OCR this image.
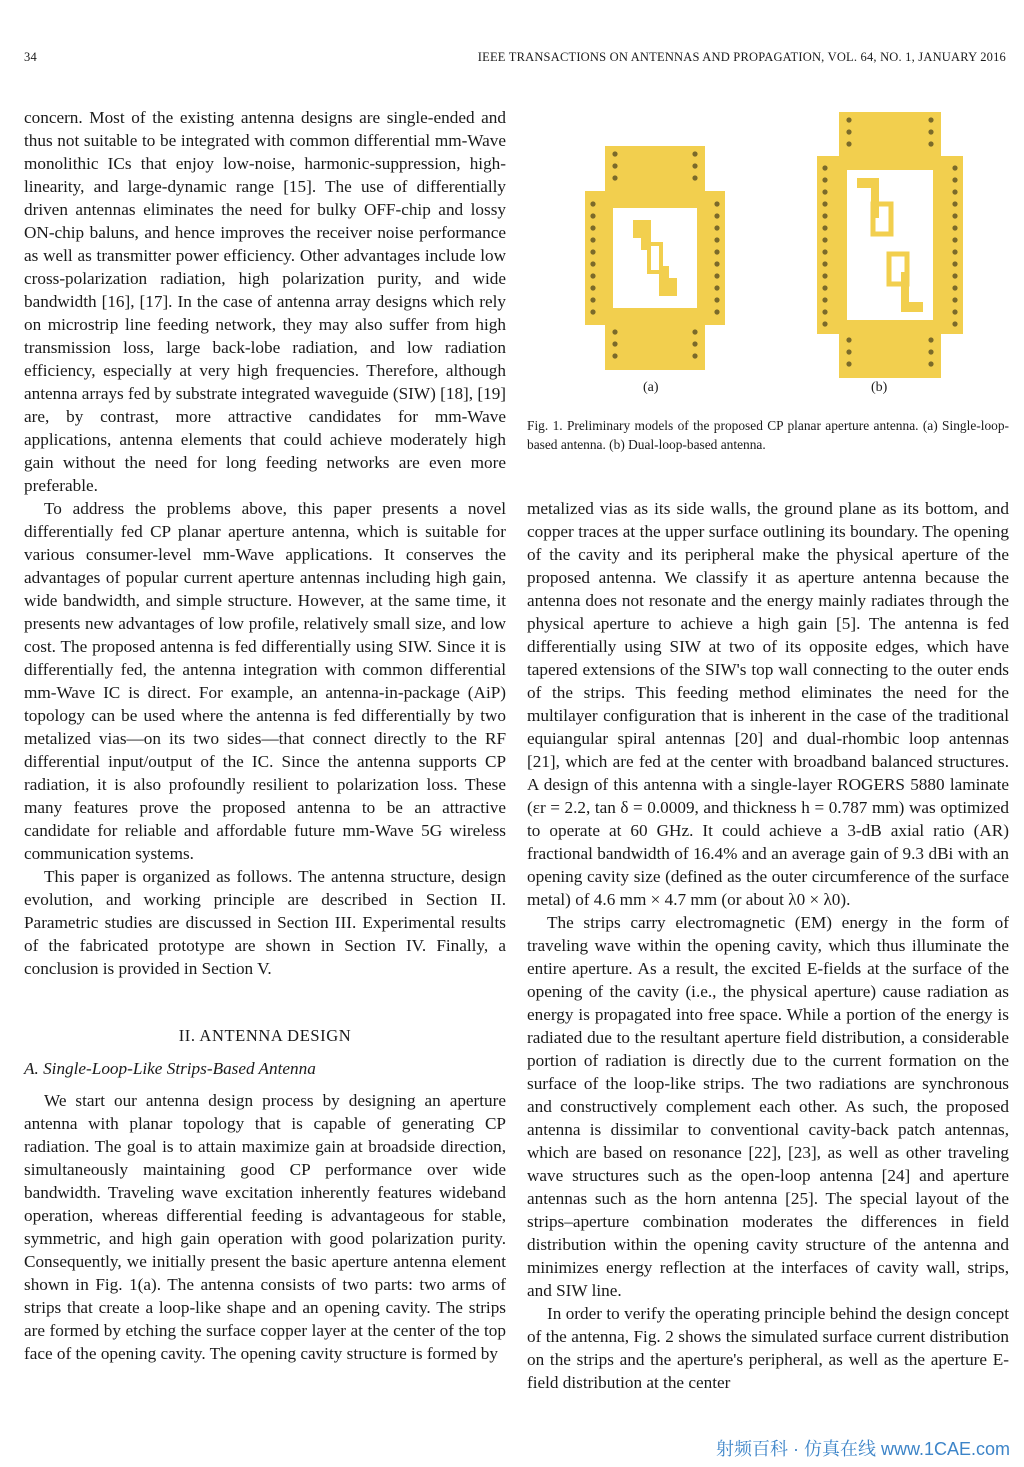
34	IEEE TRANSACTIONS ON ANTENNAS AND PROPAGATION, VOL. 64, NO. 1, JANUARY 2016

concern. Most of the existing antenna designs are single-ended and thus not suitable to be integrated with common differential mm-Wave monolithic ICs that enjoy low-noise, harmonic-suppression, high-linearity, and large-dynamic range [15]. The use of differentially driven antennas eliminates the need for bulky OFF-chip and lossy ON-chip baluns, and hence improves the receiver noise performance as well as transmitter power efficiency. Other advantages include low cross-polarization radiation, high polarization purity, and wide bandwidth [16], [17]. In the case of antenna array designs which rely on microstrip line feeding network, they may also suffer from high transmission loss, large back-lobe radiation, and low radiation efficiency, especially at very high frequencies. Therefore, although antenna arrays fed by substrate integrated waveguide (SIW) [18], [19] are, by contrast, more attractive candidates for mm-Wave applications, antenna elements that could achieve moderately high gain without the need for long feeding networks are even more preferable.

To address the problems above, this paper presents a novel differentially fed CP planar aperture antenna, which is suitable for various consumer-level mm-Wave applications. It conserves the advantages of popular current aperture antennas including high gain, wide bandwidth, and simple structure. However, at the same time, it presents new advantages of low profile, relatively small size, and low cost. The proposed antenna is fed differentially using SIW. Since it is differentially fed, the antenna integration with common differential mm-Wave IC is direct. For example, an antenna-in-package (AiP) topology can be used where the antenna is fed differentially by two metalized vias—on its two sides—that connect directly to the RF differential input/output of the IC. Since the antenna supports CP radiation, it is also profoundly resilient to polarization loss. These many features prove the proposed antenna to be an attractive candidate for reliable and affordable future mm-Wave 5G wireless communication systems.

This paper is organized as follows. The antenna structure, design evolution, and working principle are described in Section II. Parametric studies are discussed in Section III. Experimental results of the fabricated prototype are shown in Section IV. Finally, a conclusion is provided in Section V.

II. ANTENNA DESIGN

A. Single-Loop-Like Strips-Based Antenna

We start our antenna design process by designing an aperture antenna with planar topology that is capable of generating CP radiation. The goal is to attain maximize gain at broadside direction, simultaneously maintaining good CP performance over wide bandwidth. Traveling wave excitation inherently features wideband operation, whereas differential feeding is advantageous for stable, symmetric, and high gain operation with good polarization purity. Consequently, we initially present the basic aperture antenna element shown in Fig. 1(a). The antenna consists of two parts: two arms of strips that create a loop-like shape and an opening cavity. The strips are formed by etching the surface copper layer at the center of the top face of the opening cavity. The opening cavity structure is formed by

(a)	(b)
Fig. 1. Preliminary models of the proposed CP planar aperture antenna. (a) Single-loop-based antenna. (b) Dual-loop-based antenna.

metalized vias as its side walls, the ground plane as its bottom, and copper traces at the upper surface outlining its boundary. The opening of the cavity and its peripheral make the physical aperture of the proposed antenna. We classify it as aperture antenna because the antenna does not resonate and the energy mainly radiates through the physical aperture to achieve a high gain [5]. The antenna is fed differentially using SIW at two of its opposite edges, which have tapered extensions of the SIW's top wall connecting to the outer ends of the strips. This feeding method eliminates the need for the multilayer configuration that is inherent in the case of the traditional equiangular spiral antennas [20] and dual-rhombic loop antennas [21], which are fed at the center with broadband balanced structures. A design of this antenna with a single-layer ROGERS 5880 laminate (εr = 2.2, tan δ = 0.0009, and thickness h = 0.787 mm) was optimized to operate at 60 GHz. It could achieve a 3-dB axial ratio (AR) fractional bandwidth of 16.4% and an average gain of 9.3 dBi with an opening cavity size (defined as the outer circumference of the surface metal) of 4.6 mm × 4.7 mm (or about λ0 × λ0).

The strips carry electromagnetic (EM) energy in the form of traveling wave within the opening cavity, which thus illuminate the entire aperture. As a result, the excited E-fields at the surface of the opening of the cavity (i.e., the physical aperture) cause radiation as energy is propagated into free space. While a portion of the energy is radiated due to the resultant aperture field distribution, a considerable portion of radiation is directly due to the current formation on the surface of the loop-like strips. The two radiations are synchronous and constructively complement each other. As such, the proposed antenna is dissimilar to conventional cavity-back patch antennas, which are based on resonance [22], [23], as well as other traveling wave structures such as the open-loop antenna [24] and aperture antennas such as the horn antenna [25]. The special layout of the strips–aperture combination moderates the differences in field distribution within the opening cavity structure of the antenna and minimizes energy reflection at the interfaces of cavity wall, strips, and SIW line.

In order to verify the operating principle behind the design concept of the antenna, Fig. 2 shows the simulated surface current distribution on the strips and the aperture's peripheral, as well as the aperture E-field distribution at the center

射频百科 · 仿真在线 www.1CAE.com
